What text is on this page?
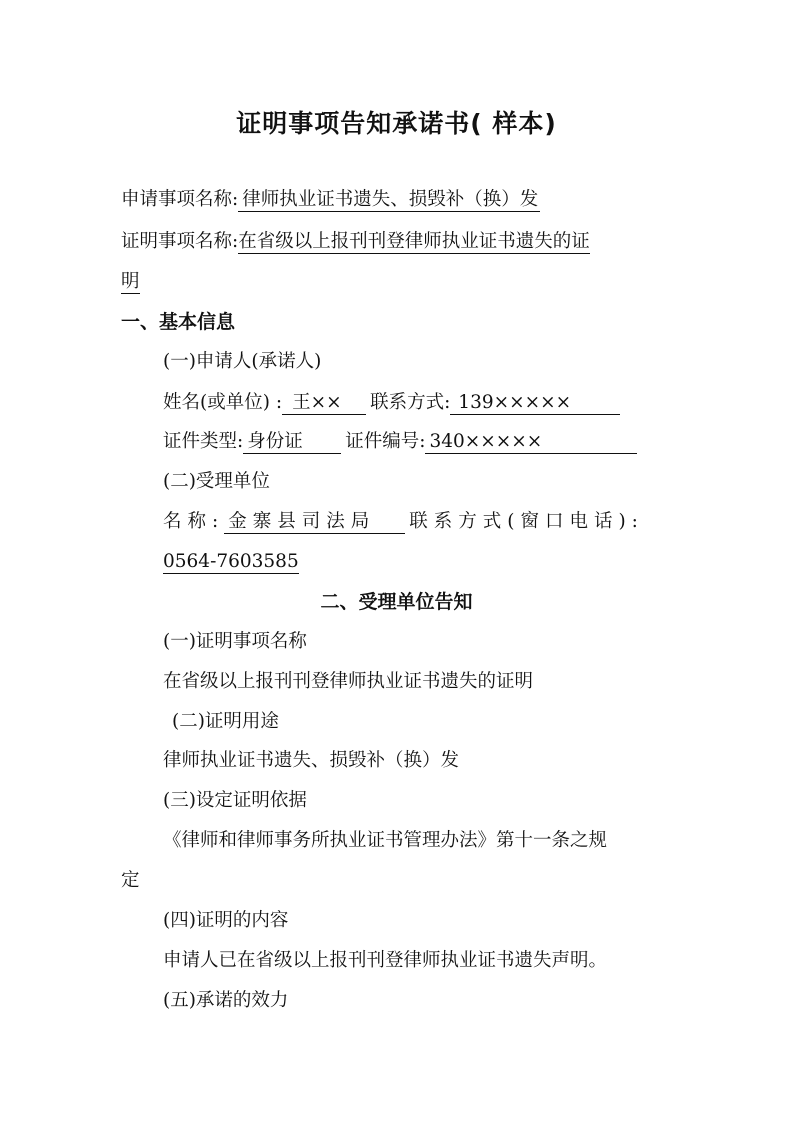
证明事项告知承诺书( 样本)
申请事项名称: 律师执业证书遗失、损毁补（换）发
证明事项名称:在省级以上报刊刊登律师执业证书遗失的证
明
一、基本信息
(一)申请人(承诺人)
姓名(或单位) : 王×× 联系方式: 139×××××
证件类型: 身份证 证件编号: 340×××××
(二)受理单位
名称: 金寨县司法局 联系方式(窗口电话):
0564-7603585
二、受理单位告知
(一)证明事项名称
在省级以上报刊刊登律师执业证书遗失的证明
(二)证明用途
律师执业证书遗失、损毁补（换）发
(三)设定证明依据
《律师和律师事务所执业证书管理办法》第十一条之规
定
(四)证明的内容
申请人已在省级以上报刊刊登律师执业证书遗失声明。
(五)承诺的效力
